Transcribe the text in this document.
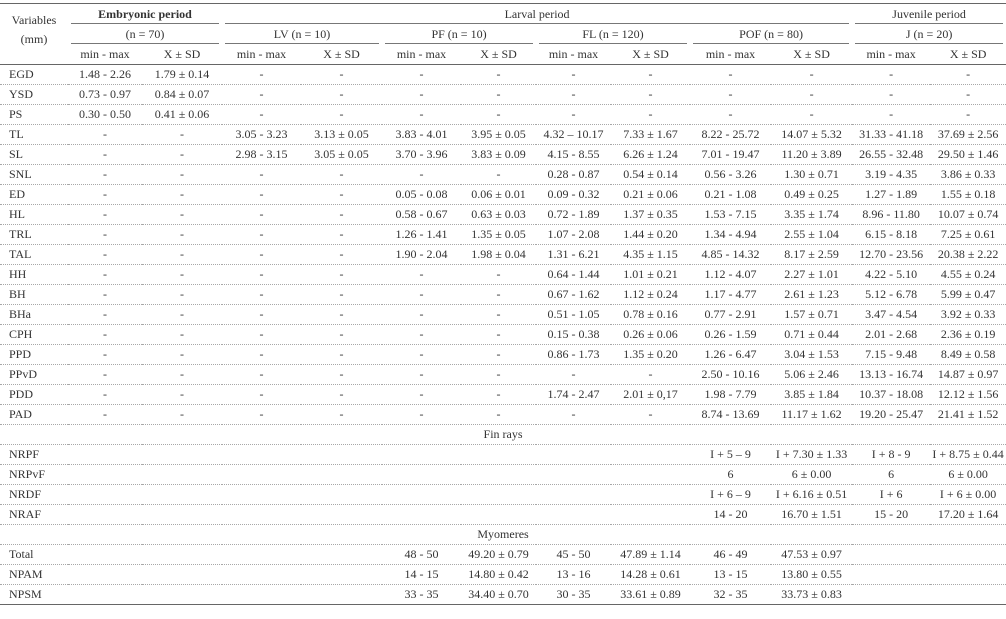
Variables
(mm)	Embryonic period		Larval period								Juvenile period	

	(n = 70)		LV (n = 10)		PF (n = 10)		FL (n = 120)		POF (n = 80)		J (n = 20)	

	min - max	X ± SD	min - max	X ± SD	min - max	X ± SD	min - max	X ± SD	min - max	X ± SD	min - max	X ± SD
EGD	1.48 - 2.26	1.79 ± 0.14	-	-	-	-	-	-	-	-	-	-
YSD	0.73 - 0.97	0.84 ± 0.07	-	-	-	-	-	-	-	-	-	-
PS	0.30 - 0.50	0.41 ± 0.06	-	-	-	-	-	-	-	-	-	-
TL	-	-	3.05 - 3.23	3.13 ± 0.05	3.83 - 4.01	3.95 ± 0.05	4.32 – 10.17	7.33 ± 1.67	8.22 - 25.72	14.07 ± 5.32	31.33 - 41.18	37.69 ± 2.56
SL	-	-	2.98 - 3.15	3.05 ± 0.05	3.70 - 3.96	3.83 ± 0.09	4.15 - 8.55	6.26 ± 1.24	7.01 - 19.47	11.20 ± 3.89	26.55 - 32.48	29.50 ± 1.46
SNL	-	-	-	-	-	-	0.28 - 0.87	0.54 ± 0.14	0.56 - 3.26	1.30 ± 0.71	3.19 - 4.35	3.86 ± 0.33
ED	-	-	-	-	0.05 - 0.08	0.06 ± 0.01	0.09 - 0.32	0.21 ± 0.06	0.21 - 1.08	0.49 ± 0.25	1.27 - 1.89	1.55 ± 0.18
HL	-	-	-	-	0.58 - 0.67	0.63 ± 0.03	0.72 - 1.89	1.37 ± 0.35	1.53 - 7.15	3.35 ± 1.74	8.96 - 11.80	10.07 ± 0.74
TRL	-	-	-	-	1.26 - 1.41	1.35 ± 0.05	1.07 - 2.08	1.44 ± 0.20	1.34 - 4.94	2.55 ± 1.04	6.15 - 8.18	7.25 ± 0.61
TAL	-	-	-	-	1.90 - 2.04	1.98 ± 0.04	1.31 - 6.21	4.35 ± 1.15	4.85 - 14.32	8.17 ± 2.59	12.70 - 23.56	20.38 ± 2.22
HH	-	-	-	-	-	-	0.64 - 1.44	1.01 ± 0.21	1.12 - 4.07	2.27 ± 1.01	4.22 - 5.10	4.55 ± 0.24
BH	-	-	-	-	-	-	0.67 - 1.62	1.12 ± 0.24	1.17 - 4.77	2.61 ± 1.23	5.12 - 6.78	5.99 ± 0.47
BHa	-	-	-	-	-	-	0.51 - 1.05	0.78 ± 0.16	0.77 - 2.91	1.57 ± 0.71	3.47 - 4.54	3.92 ± 0.33
CPH	-	-	-	-	-	-	0.15 - 0.38	0.26 ± 0.06	0.26 - 1.59	0.71 ± 0.44	2.01 - 2.68	2.36 ± 0.19
PPD	-	-	-	-	-	-	0.86 - 1.73	1.35 ± 0.20	1.26 - 6.47	3.04 ± 1.53	7.15 - 9.48	8.49 ± 0.58
PPvD	-	-	-	-	-	-	-	-	2.50 - 10.16	5.06 ± 2.46	13.13 - 16.74	14.87 ± 0.97
PDD	-	-	-	-	-	-	1.74 - 2.47	2.01 ± 0,17	1.98 - 7.79	3.85 ± 1.84	10.37 - 18.08	12.12 ± 1.56
PAD	-	-	-	-	-	-	-	-	8.74 - 13.69	11.17 ± 1.62	19.20 - 25.47	21.41 ± 1.52
Fin rays												
NRPF									I + 5 – 9	I + 7.30 ± 1.33	I + 8 - 9	I + 8.75 ± 0.44
NRPvF									6	6 ± 0.00	6	6 ± 0.00
NRDF									I + 6 – 9	I + 6.16 ± 0.51	I + 6	I + 6 ± 0.00
NRAF									14 - 20	16.70 ± 1.51	15 - 20	17.20 ± 1.64
Myomeres												
Total					48 - 50	49.20 ± 0.79	45 - 50	47.89 ± 1.14	46 - 49	47.53 ± 0.97		
NPAM					14 - 15	14.80 ± 0.42	13 - 16	14.28 ± 0.61	13 - 15	13.80 ± 0.55		
NPSM					33 - 35	34.40 ± 0.70	30 - 35	33.61 ± 0.89	32 - 35	33.73 ± 0.83		
